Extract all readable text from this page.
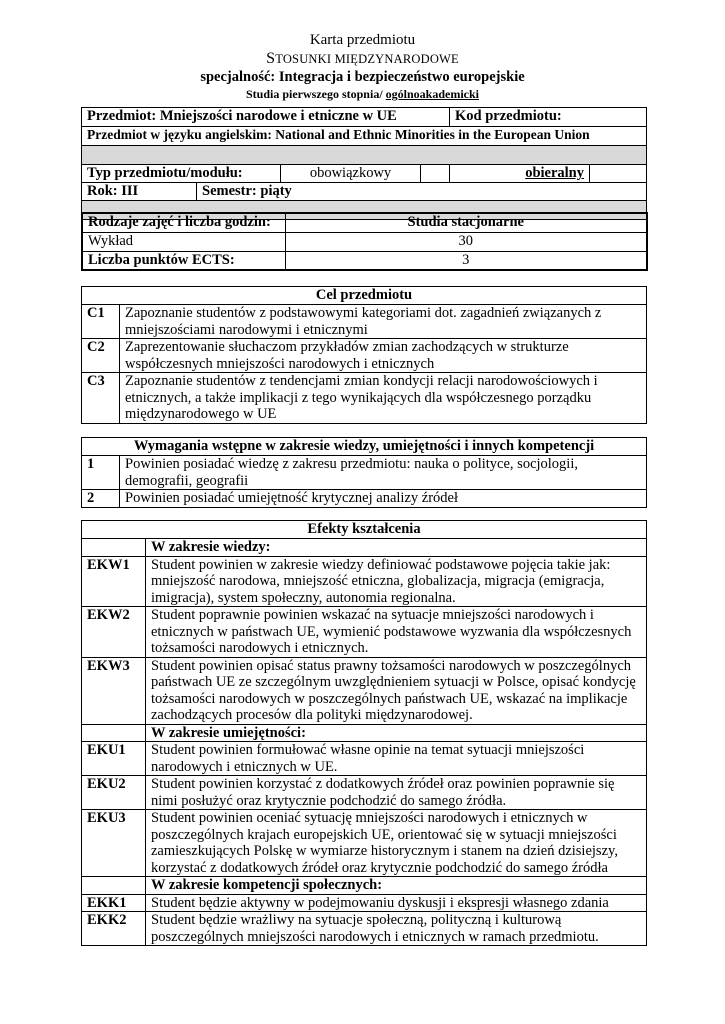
Karta przedmiotu
STOSUNKI MIĘDZYNARODOWE
specjalność: Integracja i bezpieczeństwo europejskie
Studia pierwszego stopnia/ ogólnoakademicki
Przedmiot: Mniejszości narodowe i etniczne w UE				Kod przedmiotu:	
Przedmiot w języku angielskim: National and Ethnic Minorities in the European Union					

Typ przedmiotu/modułu:		obowiązkowy		obieralny	
Rok: III	Semestr: piąty				

Rodzaje zajęć i liczba godzin:	Studia stacjonarne
Wykład	30
Liczba punktów ECTS:	3
Cel przedmiotu	
C1	Zapoznanie studentów z podstawowymi kategoriami dot. zagadnień związanych z mniejszościami narodowymi i etnicznymi
C2	Zaprezentowanie słuchaczom przykładów zmian zachodzących w strukturze współczesnych mniejszości narodowych i etnicznych
C3	Zapoznanie studentów z tendencjami zmian kondycji relacji narodowościowych i etnicznych, a także implikacji z tego wynikających dla współczesnego porządku międzynarodowego w UE
Wymagania wstępne w zakresie wiedzy, umiejętności i innych kompetencji	
1	Powinien posiadać wiedzę z zakresu przedmiotu: nauka o polityce, socjologii, demografii, geografii
2	Powinien posiadać umiejętność krytycznej analizy źródeł
Efekty kształcenia	
	W zakresie wiedzy:
EKW1	Student powinien w zakresie wiedzy definiować podstawowe pojęcia takie jak: mniejszość narodowa, mniejszość etniczna, globalizacja, migracja (emigracja, imigracja), system społeczny, autonomia regionalna.
EKW2	Student poprawnie powinien wskazać na sytuacje mniejszości narodowych i etnicznych w państwach UE, wymienić podstawowe wyzwania dla współczesnych tożsamości narodowych i etnicznych.
EKW3	Student powinien opisać status prawny tożsamości narodowych w poszczególnych państwach UE ze szczególnym uwzględnieniem sytuacji w Polsce, opisać kondycję tożsamości narodowych w poszczególnych państwach UE, wskazać na implikacje zachodzących procesów dla polityki międzynarodowej.
	W zakresie umiejętności:
EKU1	Student powinien formułować własne opinie na temat sytuacji mniejszości narodowych i etnicznych w UE.
EKU2	Student powinien korzystać z dodatkowych źródeł oraz powinien poprawnie się nimi posłużyć oraz krytycznie podchodzić do samego źródła.
EKU3	Student powinien oceniać sytuację mniejszości narodowych i etnicznych w poszczególnych krajach europejskich UE, orientować się w sytuacji mniejszości zamieszkujących Polskę w wymiarze historycznym i stanem na dzień dzisiejszy, korzystać z dodatkowych źródeł oraz krytycznie podchodzić do samego źródła
	W zakresie kompetencji społecznych:
EKK1	Student będzie aktywny w podejmowaniu dyskusji i ekspresji własnego zdania
EKK2	Student będzie wrażliwy na sytuacje społeczną, polityczną i kulturową poszczególnych mniejszości narodowych i etnicznych w ramach przedmiotu.
